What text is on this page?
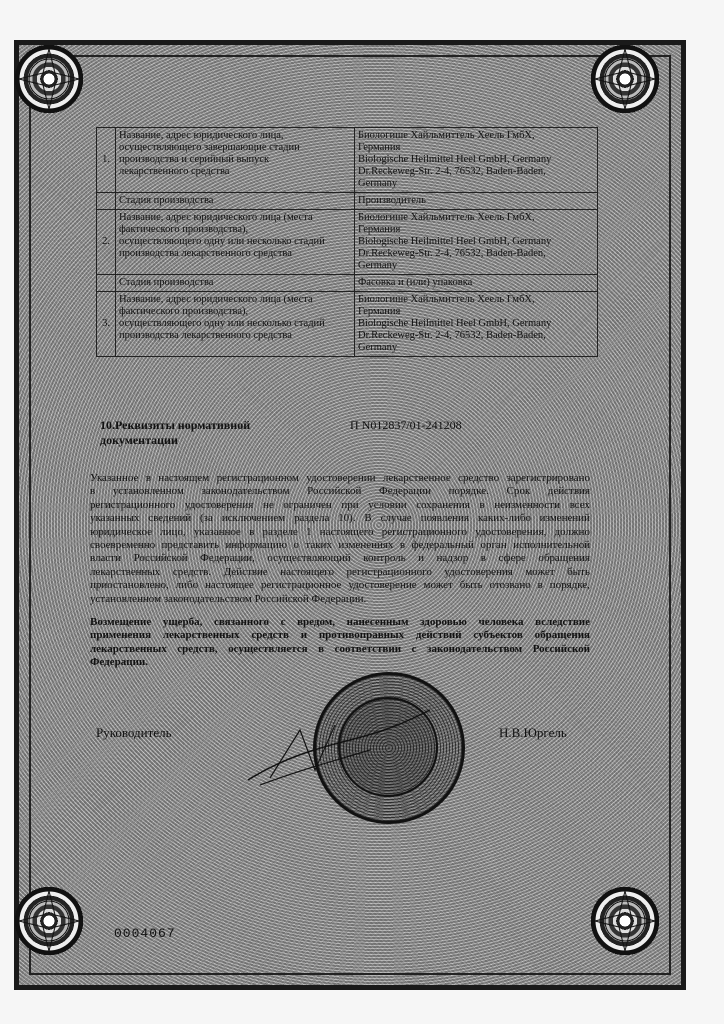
1.	Название, адрес юридического лица,
осуществляющего завершающие стадии
производства и серийный выпуск
лекарственного средства	Биологише Хайльмиттель Хеель ГмбХ,
Германия
Biologische Heilmittel Heel GmbH, Germany
Dr.Reckeweg-Str. 2-4, 76532, Baden-Baden,
Germany

	Стадия производства	Производитель

2.	Название, адрес юридического лица (места
фактического производства),
осуществляющего одну или несколько стадий
производства лекарственного средства	Биологише Хайльмиттель Хеель ГмбХ,
Германия
Biologische Heilmittel Heel GmbH, Germany
Dr.Reckeweg-Str. 2-4, 76532, Baden-Baden,
Germany

	Стадия производства	Фасовка и (или) упаковка

3.	Название, адрес юридического лица (места
фактического производства),
осуществляющего одну или несколько стадий
производства лекарственного средства	Биологише Хайльмиттель Хеель ГмбХ,
Германия
Biologische Heilmittel Heel GmbH, Germany
Dr.Reckeweg-Str. 2-4, 76532, Baden-Baden,
Germany
10.Реквизиты нормативной
документации
П N012837/01-241208
Указанное в настоящем регистрационном удостоверении лекарственное средство зарегистрировано
в установленном законодательством Российской Федерации порядке. Срок действия
регистрационного удостоверения не ограничен при условии сохранения в неизменности всех
указанных сведений (за исключением раздела 10). В случае появления каких-либо изменений
юридическое лицо, указанное в разделе 1 настоящего регистрационного удостоверения, должно
своевременно представить информацию о таких изменениях в федеральный орган исполнительной
власти Российской Федерации, осуществляющий контроль и надзор в сфере обращения
лекарственных средств. Действие настоящего регистрационного удостоверения может быть
приостановлено, либо настоящее регистрационное удостоверение может быть отозвано в порядке,
установленном законодательством Российской Федерации.
Возмещение ущерба, связанного с вредом, нанесенным здоровью человека вследствие
применения лекарственных средств и противоправных действий субъектов обращения
лекарственных средств, осуществляется в соответствии с законодательством Российской
Федерации.
Руководитель	Н.В.Юргель
0004067
